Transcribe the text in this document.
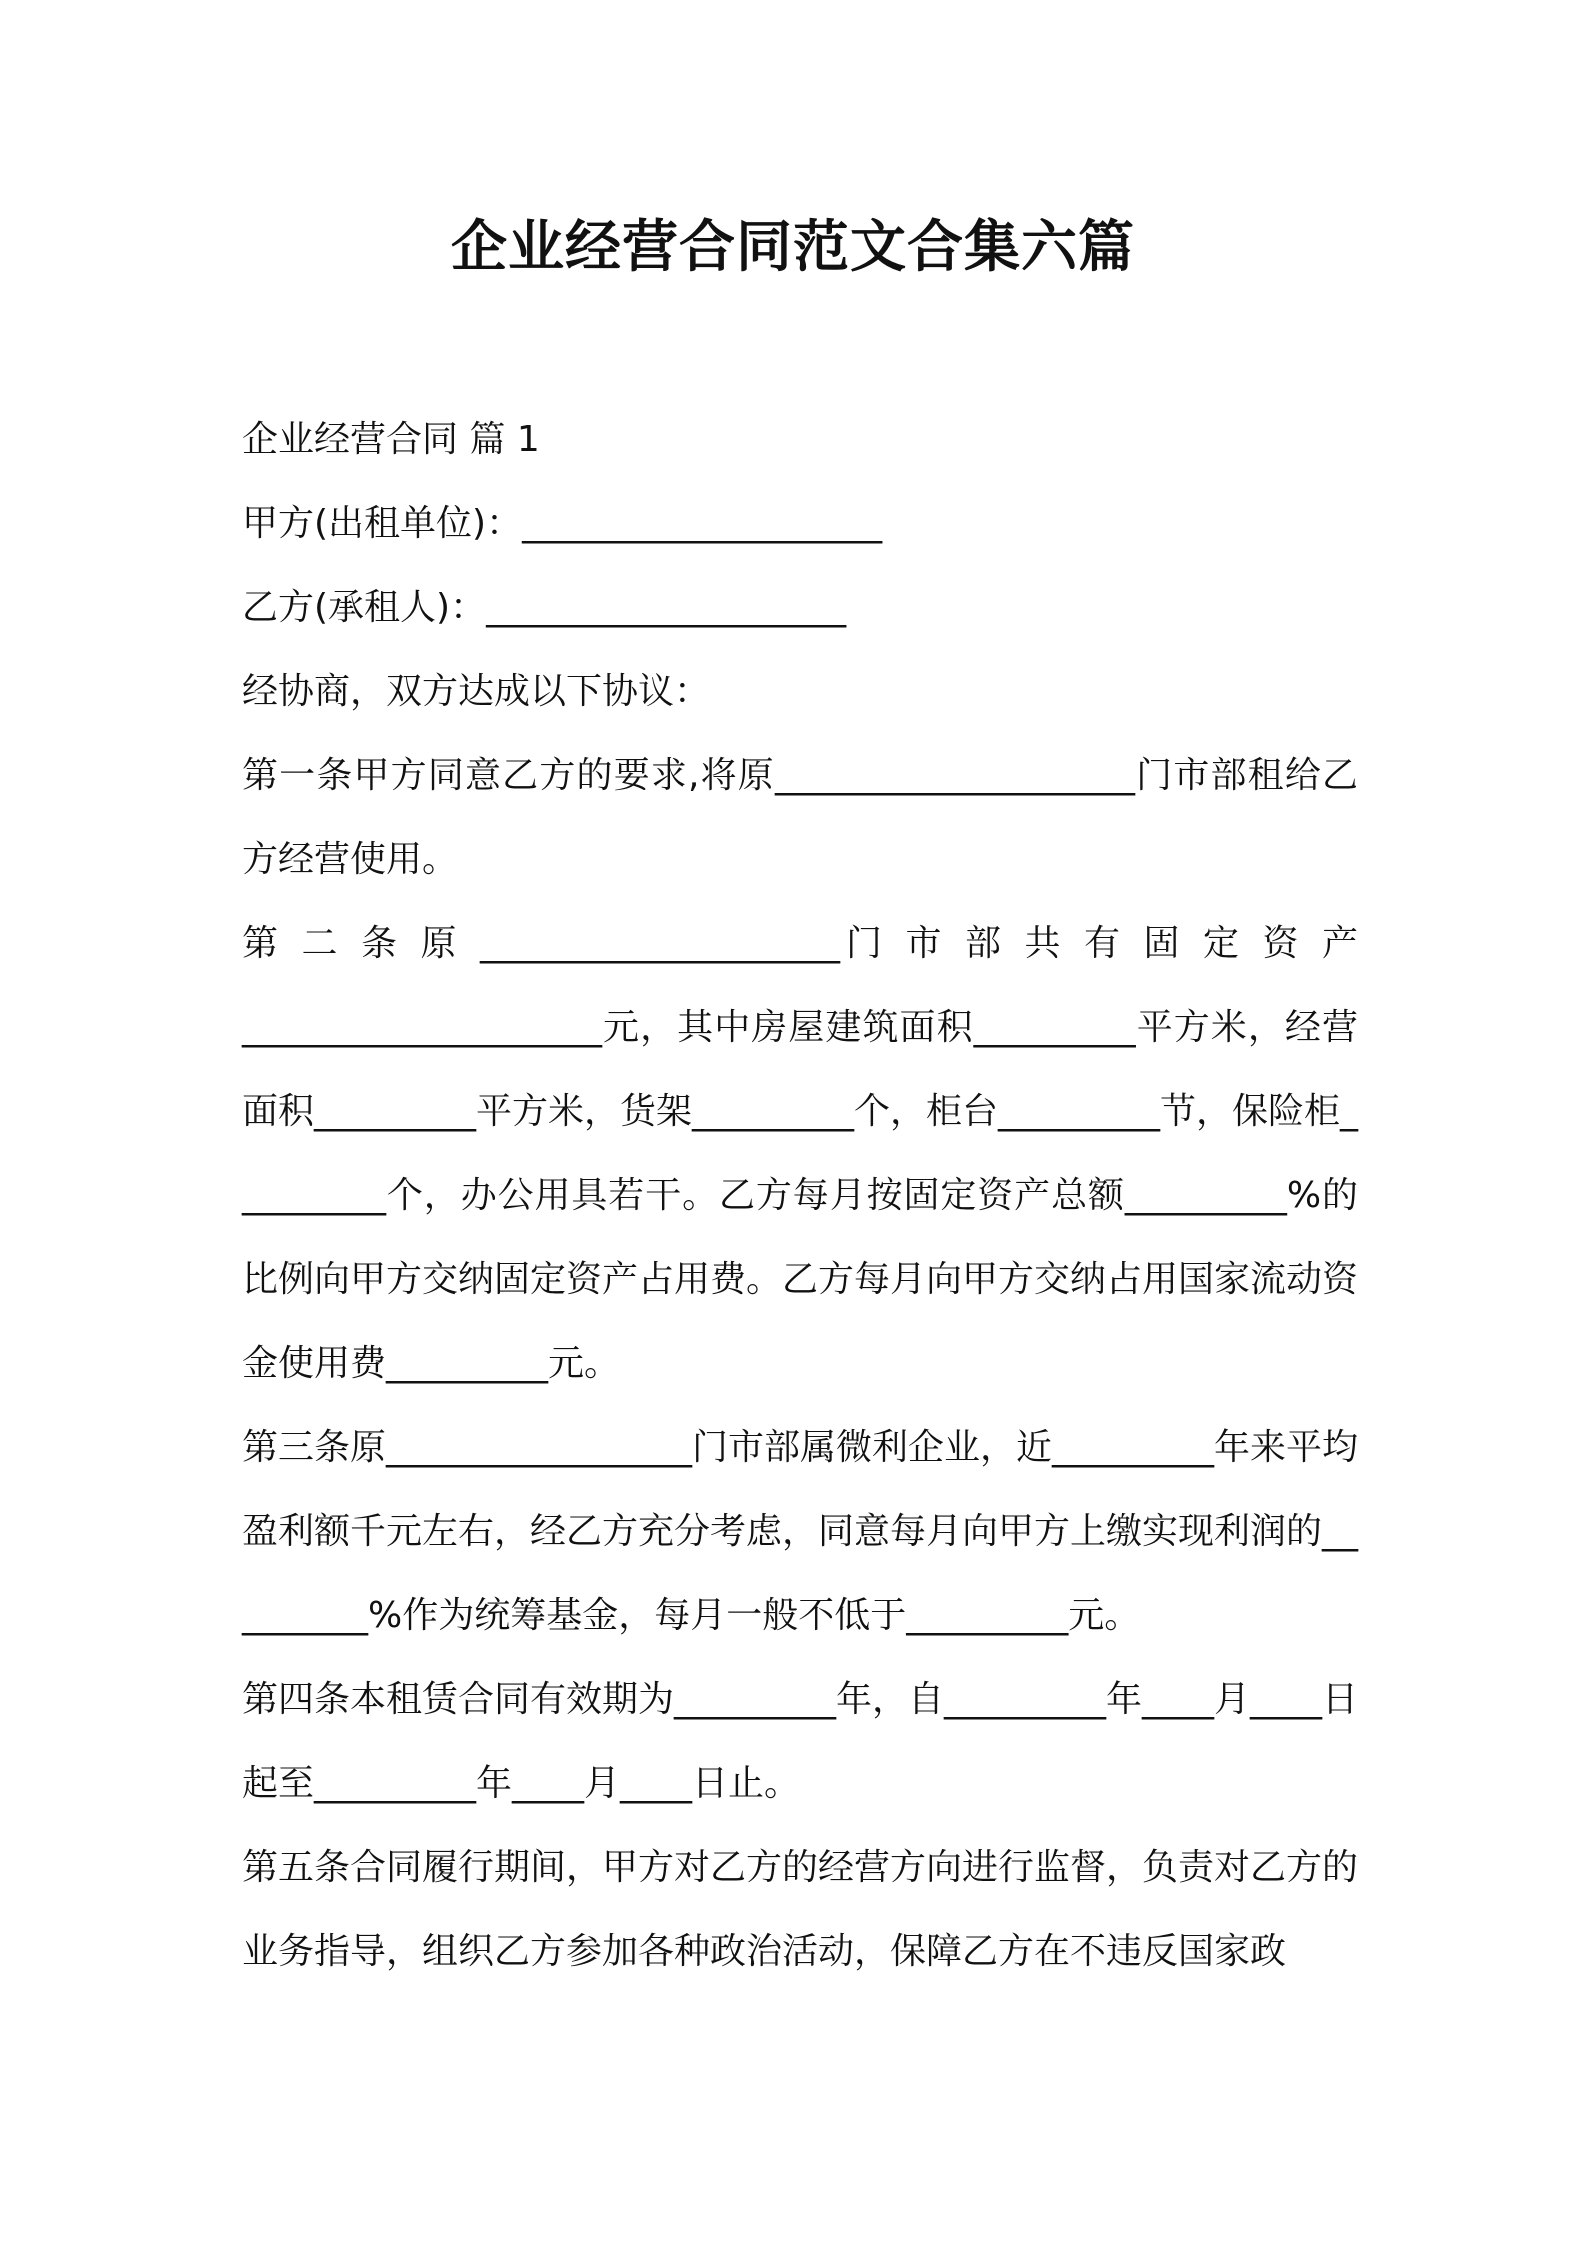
企业经营合同范文合集六篇

企业经营合同 篇 1

甲方(出租单位)：____________________

乙方(承租人)：____________________

经协商，双方达成以下协议：

第一条甲方同意乙方的要求,将原____________________门市部租给乙方经营使用。

第 二 条 原 ____________________门 市 部 共 有 固 定 资 产

____________________元，其中房屋建筑面积_________平方米，经营面积_________平方米，货架_________个，柜台_________节，保险柜_________个，办公用具若干。乙方每月按固定资产总额_________%的比例向甲方交纳固定资产占用费。乙方每月向甲方交纳占用国家流动资金使用费_________元。

第三条原_________________门市部属微利企业，近_________年来平均盈利额千元左右，经乙方充分考虑，同意每月向甲方上缴实现利润的_________%作为统筹基金，每月一般不低于_________元。

第四条本租赁合同有效期为_________年，自_________年____月____日起至_________年____月____日止。

第五条合同履行期间，甲方对乙方的经营方向进行监督，负责对乙方的业务指导，组织乙方参加各种政治活动，保障乙方在不违反国家政
